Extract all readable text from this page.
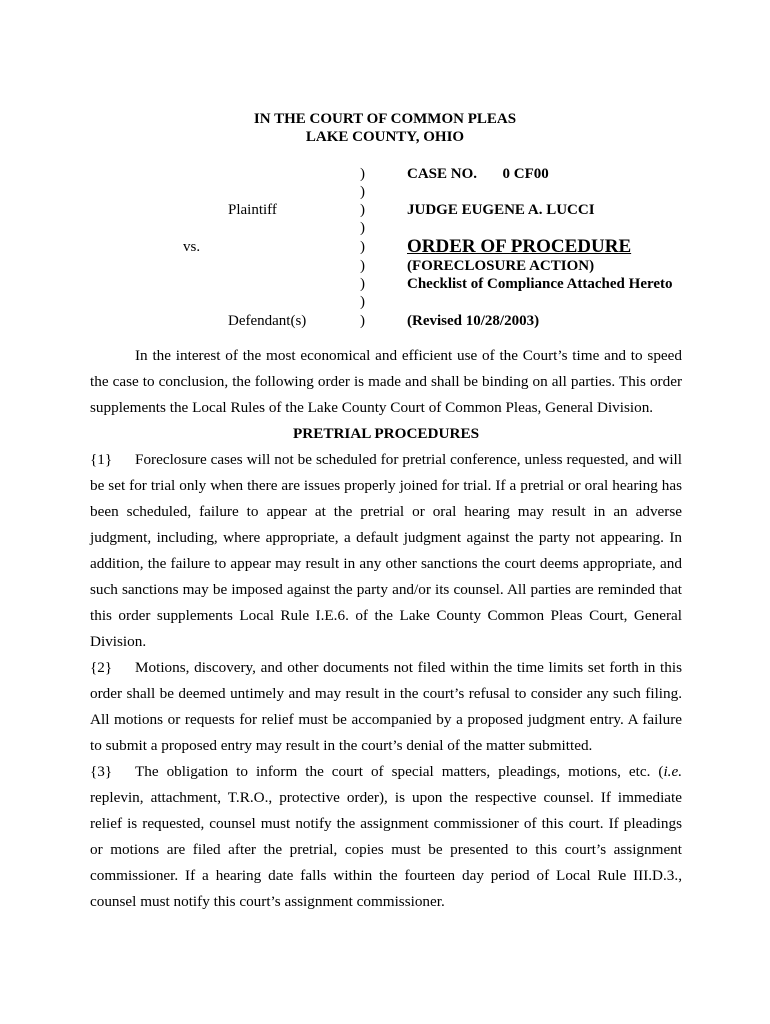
IN THE COURT OF COMMON PLEAS
LAKE COUNTY, OHIO
)
)
)
)
)
)
)
)
)
Plaintiff
vs.
Defendant(s)
CASE NO. 0 CF00
JUDGE EUGENE A. LUCCI
ORDER OF PROCEDURE
(FORECLOSURE ACTION)
Checklist of Compliance Attached Hereto
(Revised 10/28/2003)

In the interest of the most economical and efficient use of the Court’s time and to speed the case to conclusion, the following order is made and shall be binding on all parties. This order supplements the Local Rules of the Lake County Court of Common Pleas, General Division.

PRETRIAL PROCEDURES

{1} Foreclosure cases will not be scheduled for pretrial conference, unless requested, and will be set for trial only when there are issues properly joined for trial. If a pretrial or oral hearing has been scheduled, failure to appear at the pretrial or oral hearing may result in an adverse judgment, including, where appropriate, a default judgment against the party not appearing. In addition, the failure to appear may result in any other sanctions the court deems appropriate, and such sanctions may be imposed against the party and/or its counsel. All parties are reminded that this order supplements Local Rule I.E.6. of the Lake County Common Pleas Court, General Division.

{2} Motions, discovery, and other documents not filed within the time limits set forth in this order shall be deemed untimely and may result in the court’s refusal to consider any such filing. All motions or requests for relief must be accompanied by a proposed judgment entry. A failure to submit a proposed entry may result in the court’s denial of the matter submitted.

{3} The obligation to inform the court of special matters, pleadings, motions, etc. (i.e. replevin, attachment, T.R.O., protective order), is upon the respective counsel. If immediate relief is requested, counsel must notify the assignment commissioner of this court. If pleadings or motions are filed after the pretrial, copies must be presented to this court’s assignment commissioner. If a hearing date falls within the fourteen day period of Local Rule III.D.3., counsel must notify this court’s assignment commissioner.
